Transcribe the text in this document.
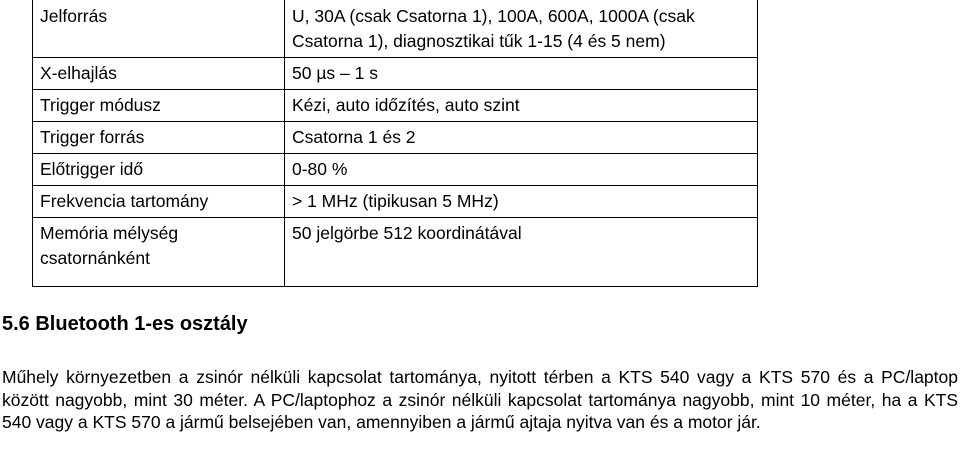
Jelforrás	U, 30A (csak Csatorna 1), 100A, 600A, 1000A (csak Csatorna 1), diagnosztikai tűk 1-15 (4 és 5 nem)
X-elhajlás	50 µs – 1 s
Trigger módusz	Kézi, auto időzítés, auto szint
Trigger forrás	Csatorna 1 és 2
Előtrigger idő	0-80 %
Frekvencia tartomány	> 1 MHz (tipikusan 5 MHz)
Memória mélység csatornánként	50 jelgörbe 512 koordinátával
5.6 Bluetooth 1-es osztály

Műhely környezetben a zsinór nélküli kapcsolat tartománya, nyitott térben a KTS 540 vagy a KTS 570 és a PC/laptop között nagyobb, mint 30 méter. A PC/laptophoz a zsinór nélküli kapcsolat tartománya nagyobb, mint 10 méter, ha a KTS 540 vagy a KTS 570 a jármű belsejében van, amennyiben a jármű ajtaja nyitva van és a motor jár.
